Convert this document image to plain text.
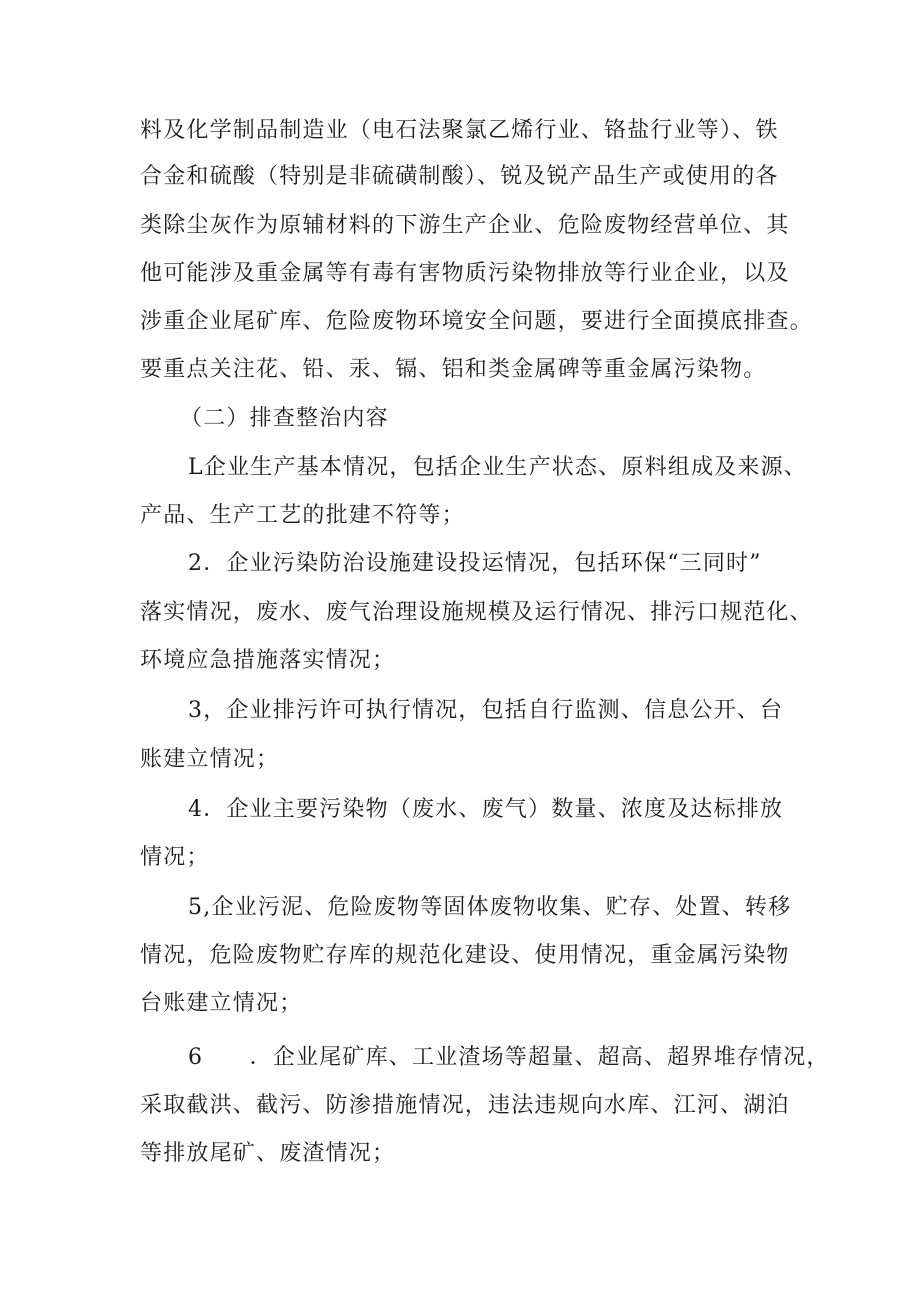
料及化学制品制造业（电石法聚氯乙烯行业、铬盐行业等）、铁
合金和硫酸（特别是非硫磺制酸）、锐及锐产品生产或使用的各
类除尘灰作为原辅材料的下游生产企业、危险废物经营单位、其
他可能涉及重金属等有毒有害物质污染物排放等行业企业，以及
涉重企业尾矿库、危险废物环境安全问题，要进行全面摸底排查。
要重点关注花、铅、汞、镉、铝和类金属碑等重金属污染物。
（二）排查整治内容
L企业生产基本情况，包括企业生产状态、原料组成及来源、
产品、生产工艺的批建不符等；
2．企业污染防治设施建设投运情况，包括环保“三同时”
落实情况，废水、废气治理设施规模及运行情况、排污口规范化、
环境应急措施落实情况；
3，企业排污许可执行情况，包括自行监测、信息公开、台
账建立情况；
4．企业主要污染物（废水、废气）数量、浓度及达标排放
情况；
5,企业污泥、危险废物等固体废物收集、贮存、处置、转移
情况，危险废物贮存库的规范化建设、使用情况，重金属污染物
台账建立情况；
6　　．企业尾矿库、工业渣场等超量、超高、超界堆存情况，
采取截洪、截污、防渗措施情况，违法违规向水库、江河、湖泊
等排放尾矿、废渣情况；
